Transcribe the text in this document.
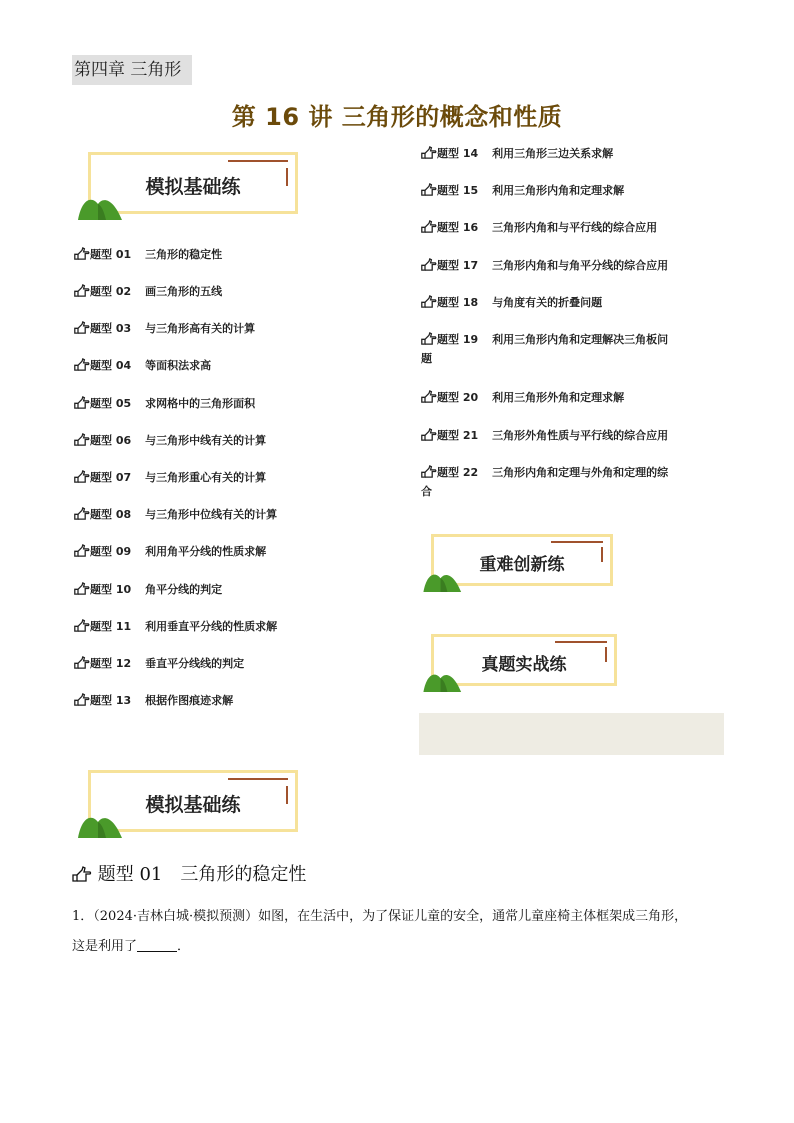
第四章 三角形
第 16 讲 三角形的概念和性质
模拟基础练
题型 01 三角形的稳定性
题型 02 画三角形的五线
题型 03 与三角形高有关的计算
题型 04 等面积法求高
题型 05 求网格中的三角形面积
题型 06 与三角形中线有关的计算
题型 07 与三角形重心有关的计算
题型 08 与三角形中位线有关的计算
题型 09 利用角平分线的性质求解
题型 10 角平分线的判定
题型 11 利用垂直平分线的性质求解
题型 12 垂直平分线线的判定
题型 13 根据作图痕迹求解
题型 14 利用三角形三边关系求解
题型 15 利用三角形内角和定理求解
题型 16 三角形内角和与平行线的综合应用
题型 17 三角形内角和与角平分线的综合应用
题型 18 与角度有关的折叠问题
题型 19 利用三角形内角和定理解决三角板问
题
题型 20 利用三角形外角和定理求解
题型 21 三角形外角性质与平行线的综合应用
题型 22 三角形内角和定理与外角和定理的综
合
重难创新练
真题实战练
模拟基础练
题型 01 三角形的稳定性
1．（2024·吉林白城·模拟预测）如图，在生活中，为了保证儿童的安全，通常儿童座椅主体框架成三角形，
这是利用了	．
